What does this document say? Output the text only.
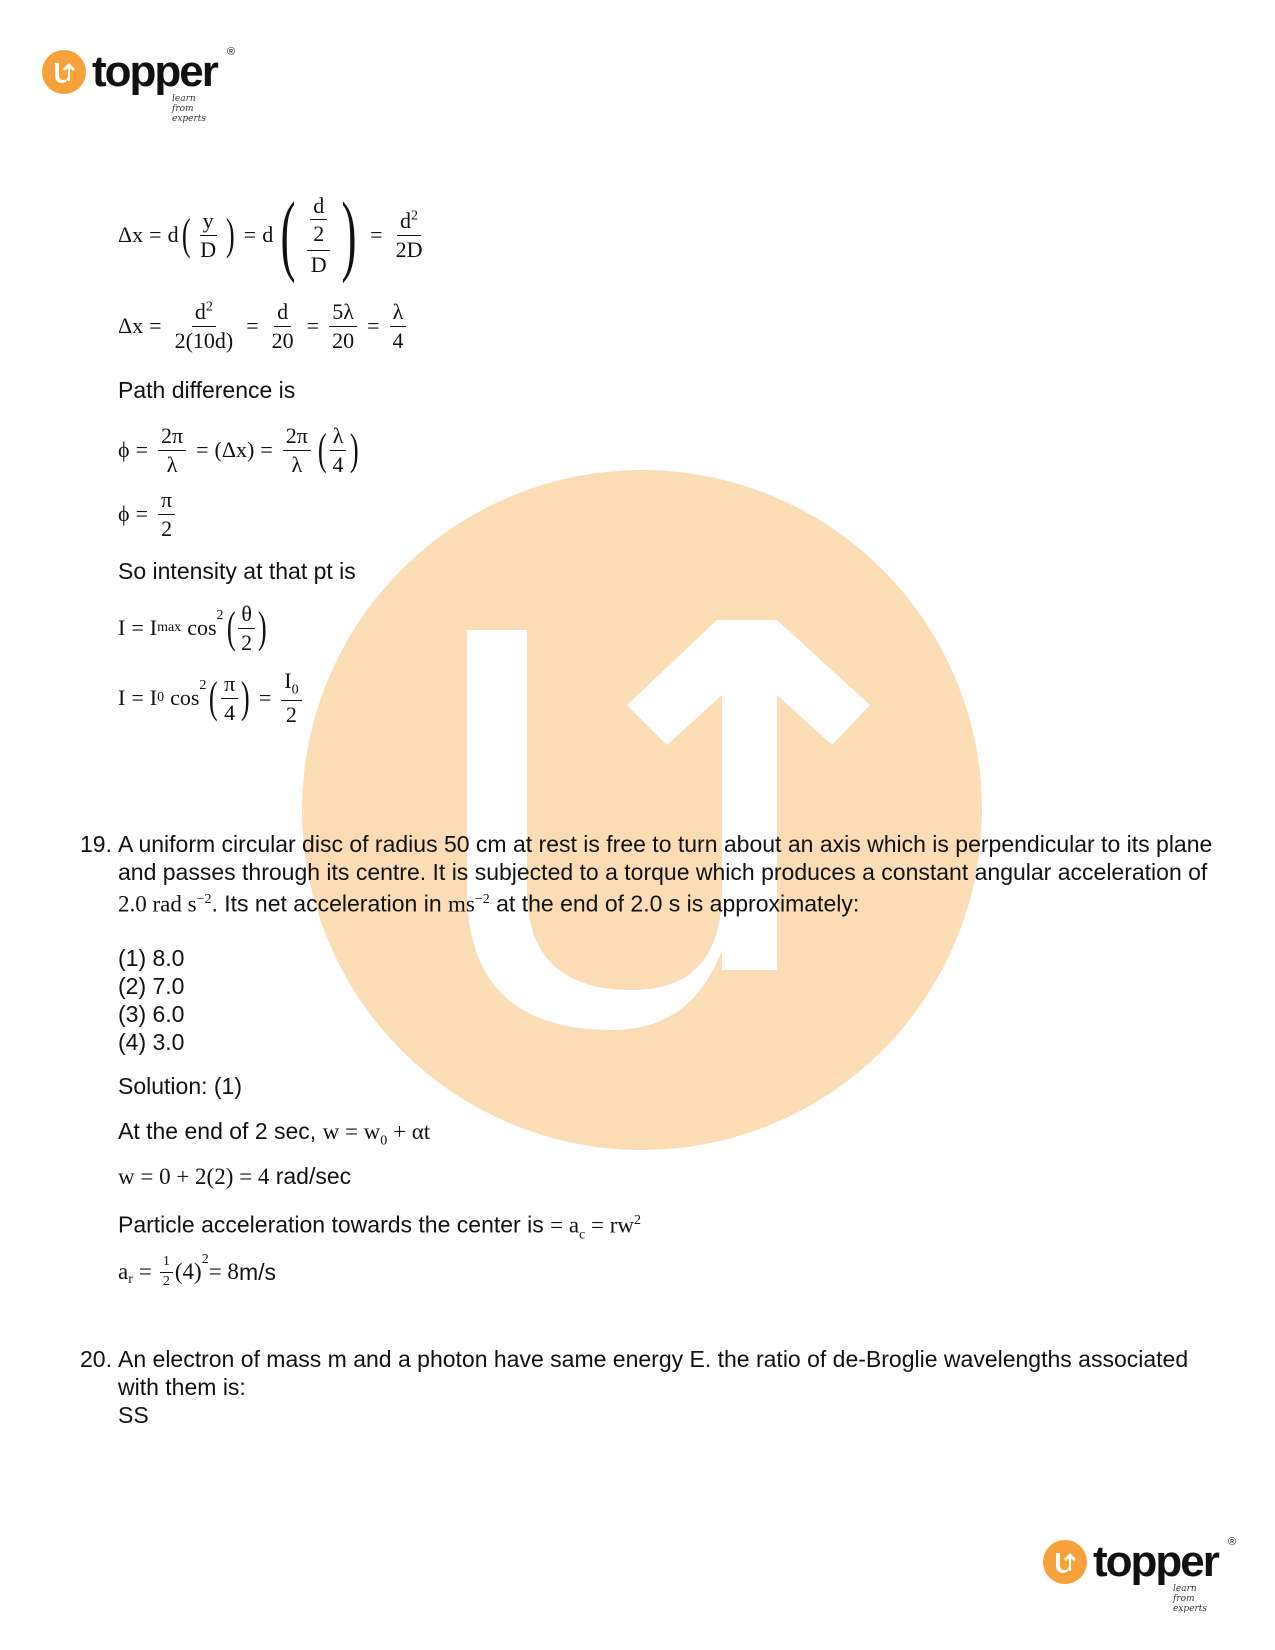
topper ®
learn from experts
Δx = d ( $\frac{y}{D}$ ) = d ( $\frac{\frac{d}{2}}{D}$ ) = $\frac{d^2}{2D}$
$\Delta x = \frac{d^2}{2(10d)} = \frac{d}{20} = \frac{5\lambda}{20} = \frac{\lambda}{4}$
Path difference is
$\phi = \frac{2\pi}{\lambda} = (\Delta x) = \frac{2\pi}{\lambda}$ ( $\frac{\lambda}{4}$ )
$\phi = \frac{\pi}{2}$
So intensity at that pt is
I = I $\max \cos^2$ ( $\frac{\theta}{2}$ )
I = I 0 $\cos^2$ ( $\frac{\pi}{4}$ ) = $\frac{I_0}{2}$
19. A uniform circular disc of radius 50 cm at rest is free to turn about an axis which is perpendicular to its plane
and passes through its centre. It is subjected to a torque which produces a constant angular acceleration of
2.0 rad $s^{-2}$. Its net acceleration in $ms^{-2}$ at the end of 2.0 s is approximately:
(1) 8.0
(2) 7.0
(3) 6.0
(4) 3.0
Solution: (1)
At the end of 2 sec, $w = w_0 + \alpha t$
w = 0 + 2(2) = 4 rad/sec
Particle acceleration towards the center is = $a_c = rw^2$
$a_r = \frac{1}{2} (4)^2 = 8$ m/s
20. An electron of mass m and a photon have same energy E. the ratio of de-Broglie wavelengths associated
with them is:
SS
topper ®
learn from experts
